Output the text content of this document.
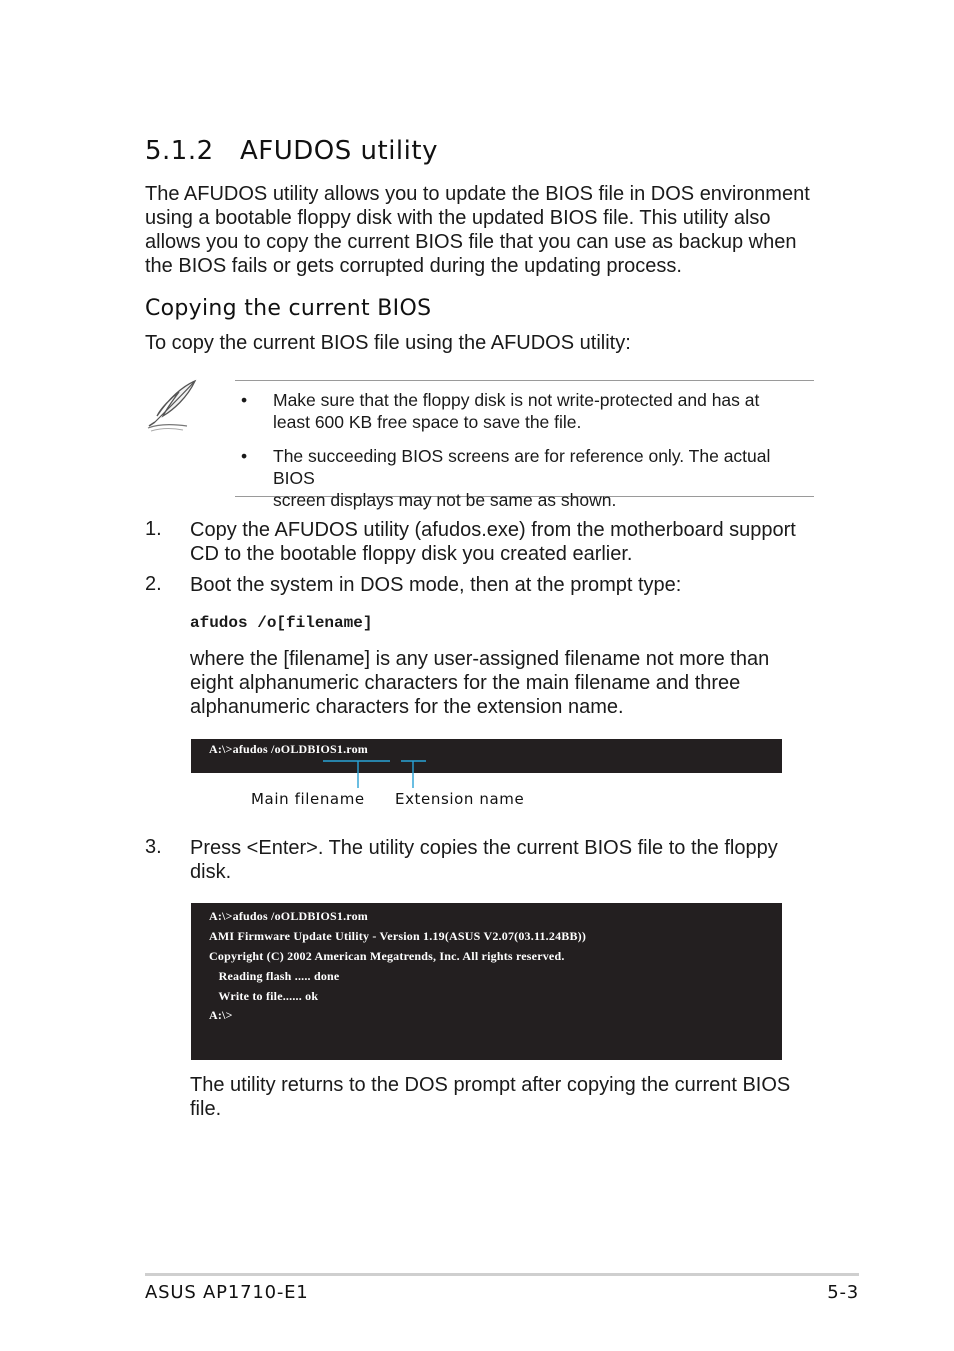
5.1.2 AFUDOS utility
The AFUDOS utility allows you to update the BIOS file in DOS environment
using a bootable floppy disk with the updated BIOS file. This utility also
allows you to copy the current BIOS file that you can use as backup when
the BIOS fails or gets corrupted during the updating process.
Copying the current BIOS
To copy the current BIOS file using the AFUDOS utility:
• Make sure that the floppy disk is not write-protected and has at
least 600 KB free space to save the file.
• The succeeding BIOS screens are for reference only. The actual BIOS
screen displays may not be same as shown.
1. Copy the AFUDOS utility (afudos.exe) from the motherboard support
CD to the bootable floppy disk you created earlier.
2. Boot the system in DOS mode, then at the prompt type:
afudos /o[filename]
where the [filename] is any user-assigned filename not more than
eight alphanumeric characters for the main filename and three
alphanumeric characters for the extension name.
A:\>afudos /oOLDBIOS1.rom
Main filename Extension name
3. Press <Enter>. The utility copies the current BIOS file to the floppy
disk.
A:\>afudos /oOLDBIOS1.rom
AMI Firmware Update Utility - Version 1.19(ASUS V2.07(03.11.24BB))
Copyright (C) 2002 American Megatrends, Inc. All rights reserved.
Reading flash ..... done
Write to file...... ok
A:\>
The utility returns to the DOS prompt after copying the current BIOS
file.
ASUS AP1710-E1	5-3
